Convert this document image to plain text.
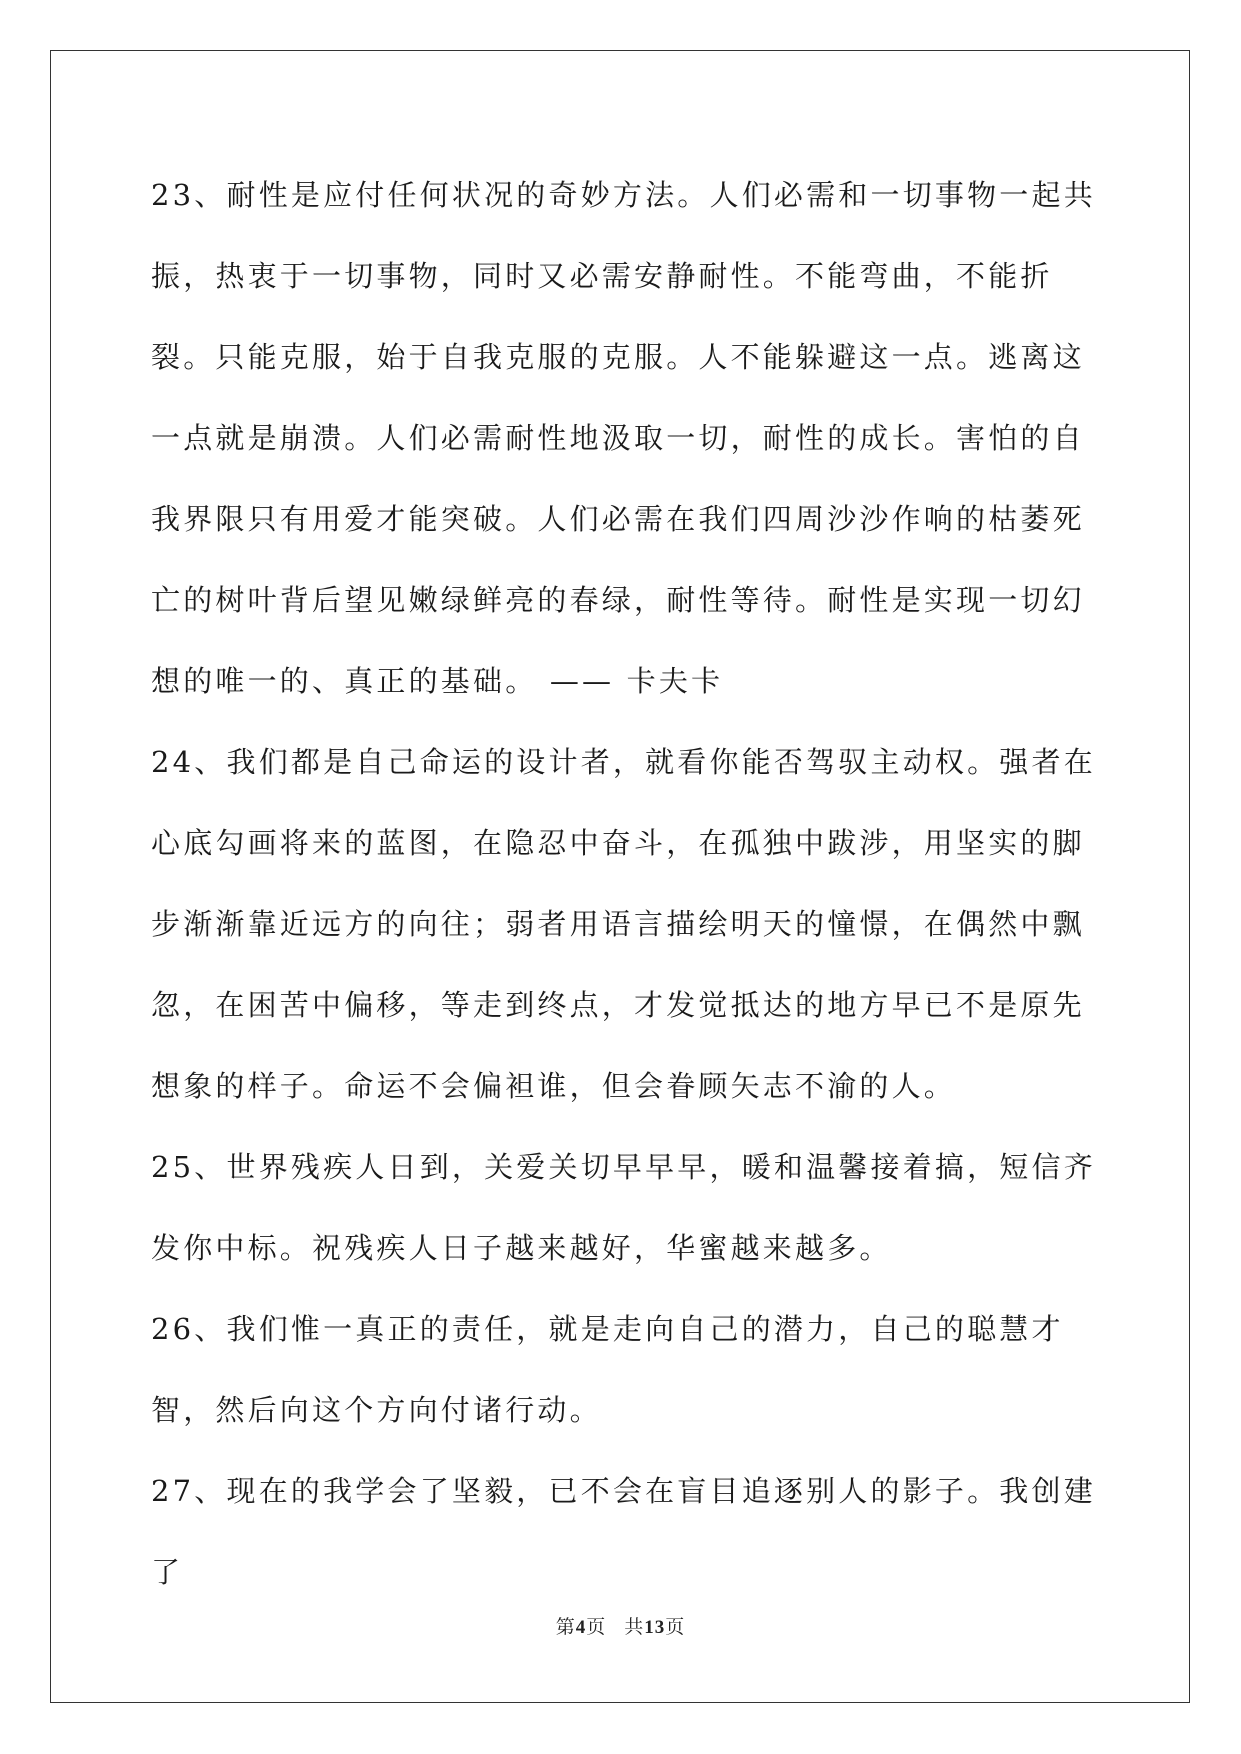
23、耐性是应付任何状况的奇妙方法。人们必需和一切事物一起共振，热衷于一切事物，同时又必需安静耐性。不能弯曲，不能折裂。只能克服，始于自我克服的克服。人不能躲避这一点。逃离这一点就是崩溃。人们必需耐性地汲取一切，耐性的成长。害怕的自我界限只有用爱才能突破。人们必需在我们四周沙沙作响的枯萎死亡的树叶背后望见嫩绿鲜亮的春绿，耐性等待。耐性是实现一切幻想的唯一的、真正的基础。 —— 卡夫卡

24、我们都是自己命运的设计者，就看你能否驾驭主动权。强者在心底勾画将来的蓝图，在隐忍中奋斗，在孤独中跋涉，用坚实的脚步渐渐靠近远方的向往；弱者用语言描绘明天的憧憬，在偶然中飘忽，在困苦中偏移，等走到终点，才发觉抵达的地方早已不是原先想象的样子。命运不会偏袒谁，但会眷顾矢志不渝的人。

25、世界残疾人日到，关爱关切早早早，暖和温馨接着搞，短信齐发你中标。祝残疾人日子越来越好，华蜜越来越多。

26、我们惟一真正的责任，就是走向自己的潜力，自己的聪慧才智，然后向这个方向付诸行动。

27、现在的我学会了坚毅，已不会在盲目追逐别人的影子。我创建了

第4页 共13页
